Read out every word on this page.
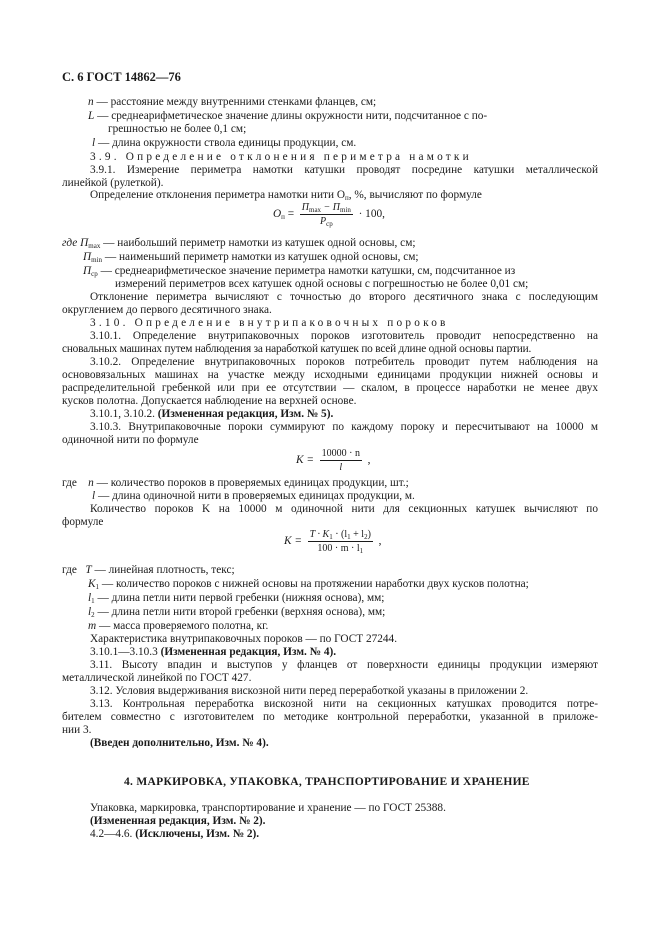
С. 6 ГОСТ 14862—76
n — расстояние между внутренними стенками фланцев, см;
L — среднеарифметическое значение длины окружности нити, подсчитанное с по-
грешностью не более 0,1 см;
l — длина окружности ствола единицы продукции, см.
3.9. Определение отклонения периметра намотки
3.9.1. Измерение периметра намотки катушки проводят посредине катушки металлической
линейкой (рулеткой).
Определение отклонения периметра намотки нити $О_п$, %, вычисляют по формуле
$О_п = \frac{П_{max} - П_{min}}{Р_{ср}} \cdot 100$,
где $П_{max}$ — наибольший периметр намотки из катушек одной основы, см;
$П_{min}$ — наименьший периметр намотки из катушек одной основы, см;
$П_{ср}$ — среднеарифметическое значение периметра намотки катушки, см, подсчитанное из
измерений периметров всех катушек одной основы с погрешностью не более 0,01 см;
Отклонение периметра вычисляют с точностью до второго десятичного знака с последующим
округлением до первого десятичного знака.
3.10. Определение внутрипаковочных пороков
3.10.1. Определение внутрипаковочных пороков изготовитель проводит непосредственно на
сновальных машинах путем наблюдения за наработкой катушек по всей длине одной основы партии.
3.10.2. Определение внутрипаковочных пороков потребитель проводит путем наблюдения на
основовязальных машинах на участке между исходными единицами продукции нижней основы и
распределительной гребенкой или при ее отсутствии — скалом, в процессе наработки не менее двух
кусков полотна. Допускается наблюдение на верхней основе.
3.10.1, 3.10.2. (Измененная редакция, Изм. № 5).
3.10.3. Внутрипаковочные пороки суммируют по каждому пороку и пересчитывают на 10000 м
одиночной нити по формуле
$K = \frac{10000 \cdot n}{l}$ ,
где n — количество пороков в проверяемых единицах продукции, шт.;
l — длина одиночной нити в проверяемых единицах продукции, м.
Количество пороков K на 10000 м одиночной нити для секционных катушек вычисляют по
формуле
$K = \frac{T \cdot K_1 \cdot (l_1 + l_2)}{100 \cdot m \cdot l_1}$ ,
где T — линейная плотность, текс;
$K_1$ — количество пороков с нижней основы на протяжении наработки двух кусков полотна;
$l_1$ — длина петли нити первой гребенки (нижняя основа), мм;
$l_2$ — длина петли нити второй гребенки (верхняя основа), мм;
m — масса проверяемого полотна, кг.
Характеристика внутрипаковочных пороков — по ГОСТ 27244.
3.10.1—3.10.3 (Измененная редакция, Изм. № 4).
3.11. Высоту впадин и выступов у фланцев от поверхности единицы продукции измеряют
металлической линейкой по ГОСТ 427.
3.12. Условия выдерживания вискозной нити перед переработкой указаны в приложении 2.
3.13. Контрольная переработка вискозной нити на секционных катушках проводится потре-
бителем совместно с изготовителем по методике контрольной переработки, указанной в приложе-
нии 3.
(Введен дополнительно, Изм. № 4).
4. МАРКИРОВКА, УПАКОВКА, ТРАНСПОРТИРОВАНИЕ И ХРАНЕНИЕ
Упаковка, маркировка, транспортирование и хранение — по ГОСТ 25388.
(Измененная редакция, Изм. № 2).
4.2—4.6. (Исключены, Изм. № 2).
